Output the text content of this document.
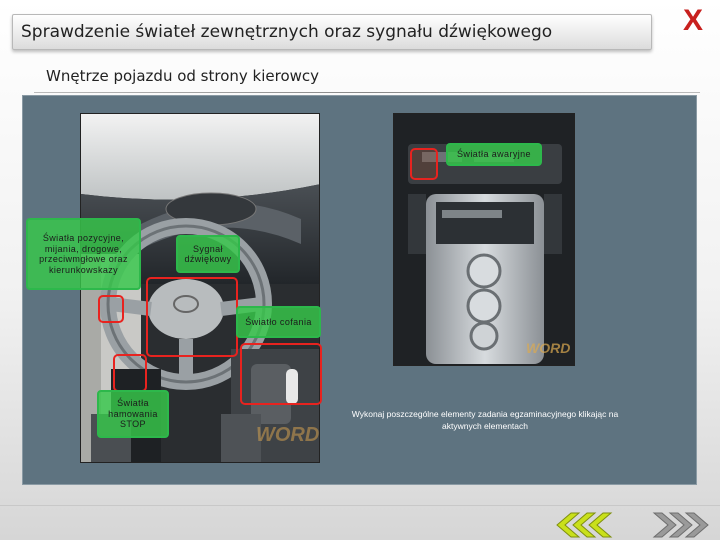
Sprawdzenie świateł zewnętrznych oraz sygnału dźwiękowego	X
Wnętrze pojazdu od strony kierowcy
WORD
WORD
Światła awaryjne
Światła pozycyjne, mijania, drogowe, przeciwmgłowe oraz kierunkowskazy
Sygnał dźwiękowy
Światło cofania
Światła hamowania STOP
Wykonaj poszczególne elementy zadania egzaminacyjnego klikając na aktywnych elementach
